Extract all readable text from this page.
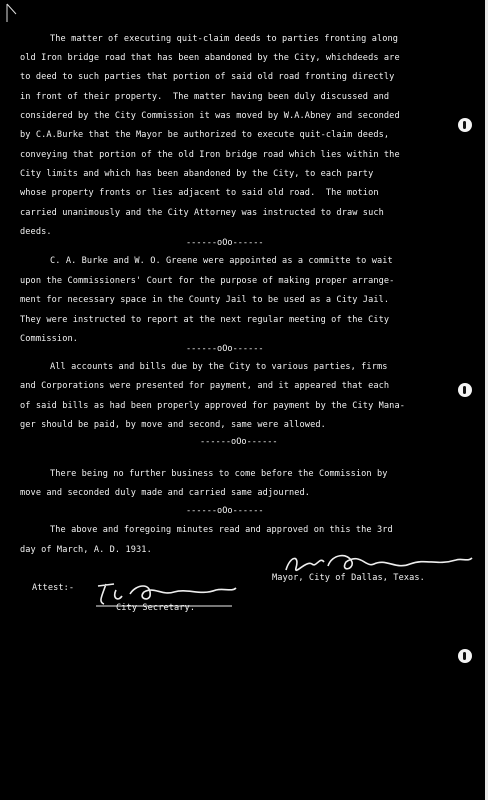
The matter of executing quit-claim deeds to parties fronting along
old Iron bridge road that has been abandoned by the City, whichdeeds are
to deed to such parties that portion of said old road fronting directly
in front of their property.  The matter having been duly discussed and
considered by the City Commission it was moved by W.A.Abney and seconded
by C.A.Burke that the Mayor be authorized to execute quit-claim deeds,
conveying that portion of the old Iron bridge road which lies within the
City limits and which has been abandoned by the City, to each party
whose property fronts or lies adjacent to said old road.  The motion
carried unanimously and the City Attorney was instructed to draw such
deeds.
------oOo------
C. A. Burke and W. O. Greene were appointed as a committe to wait
upon the Commissioners' Court for the purpose of making proper arrange-
ment for necessary space in the County Jail to be used as a City Jail.
They were instructed to report at the next regular meeting of the City
Commission.
------oOo------
All accounts and bills due by the City to various parties, firms
and Corporations were presented for payment, and it appeared that each
of said bills as had been properly approved for payment by the City Mana-
ger should be paid, by move and second, same were allowed.
------oOo------
There being no further business to come before the Commission by
move and seconded duly made and carried same adjourned.
------oOo------
The above and foregoing minutes read and approved on this the 3rd
day of March, A. D. 1931.
Mayor, City of Dallas, Texas.
Attest:-
City Secretary.
